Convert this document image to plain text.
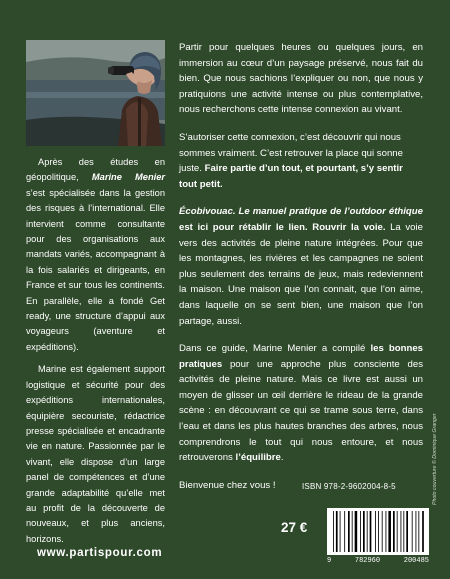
Après des études en géopolitique, Marine Menier s’est spécialisée dans la gestion des risques à l’international. Elle intervient comme consultante pour des organisations aux mandats variés, accompagnant à la fois salariés et dirigeants, en France et sur tous les continents. En parallèle, elle a fondé Get ready, une structure d’appui aux voyageurs (aventure et expéditions).

Marine est également support logistique et sécurité pour des expéditions internationales, équipière secouriste, rédactrice presse spécialisée et encadrante vie en nature. Passionnée par le vivant, elle dispose d’un large panel de compétences et d’une grande adaptabilité qu’elle met au profit de la découverte de nouveaux, et plus anciens, horizons.

Partir pour quelques heures ou quelques jours, en immersion au cœur d’un paysage préservé, nous fait du bien. Que nous sachions l’expliquer ou non, que nous y pratiquions une activité intense ou plus contemplative, nous recherchons cette intense connexion au vivant.

S’autoriser cette connexion, c’est découvrir qui nous sommes vraiment. C’est retrouver la place qui sonne juste. Faire partie d’un tout, et pourtant, s’y sentir tout petit.

Écobivouac. Le manuel pratique de l’outdoor éthique est ici pour rétablir le lien. Rouvrir la voie. La voie vers des activités de pleine nature intégrées. Pour que les montagnes, les rivières et les campagnes ne soient plus seulement des terrains de jeux, mais redeviennent la maison. Une maison que l’on connait, que l’on aime, dans laquelle on se sent bien, une maison que l’on partage, aussi.

Dans ce guide, Marine Menier a compilé les bonnes pratiques pour une approche plus consciente des activités de pleine nature. Mais ce livre est aussi un moyen de glisser un œil derrière le rideau de la grande scène : en découvrant ce qui se trame sous terre, dans l’eau et dans les plus hautes branches des arbres, nous comprendrons le tout qui nous entoure, et nous retrouverons l’équilibre.

Bienvenue chez vous !	Photo couverture © Dominique Granger
ISBN 978-2-9602004-8-5
27 €
9	782960	200485
www.partispour.com
